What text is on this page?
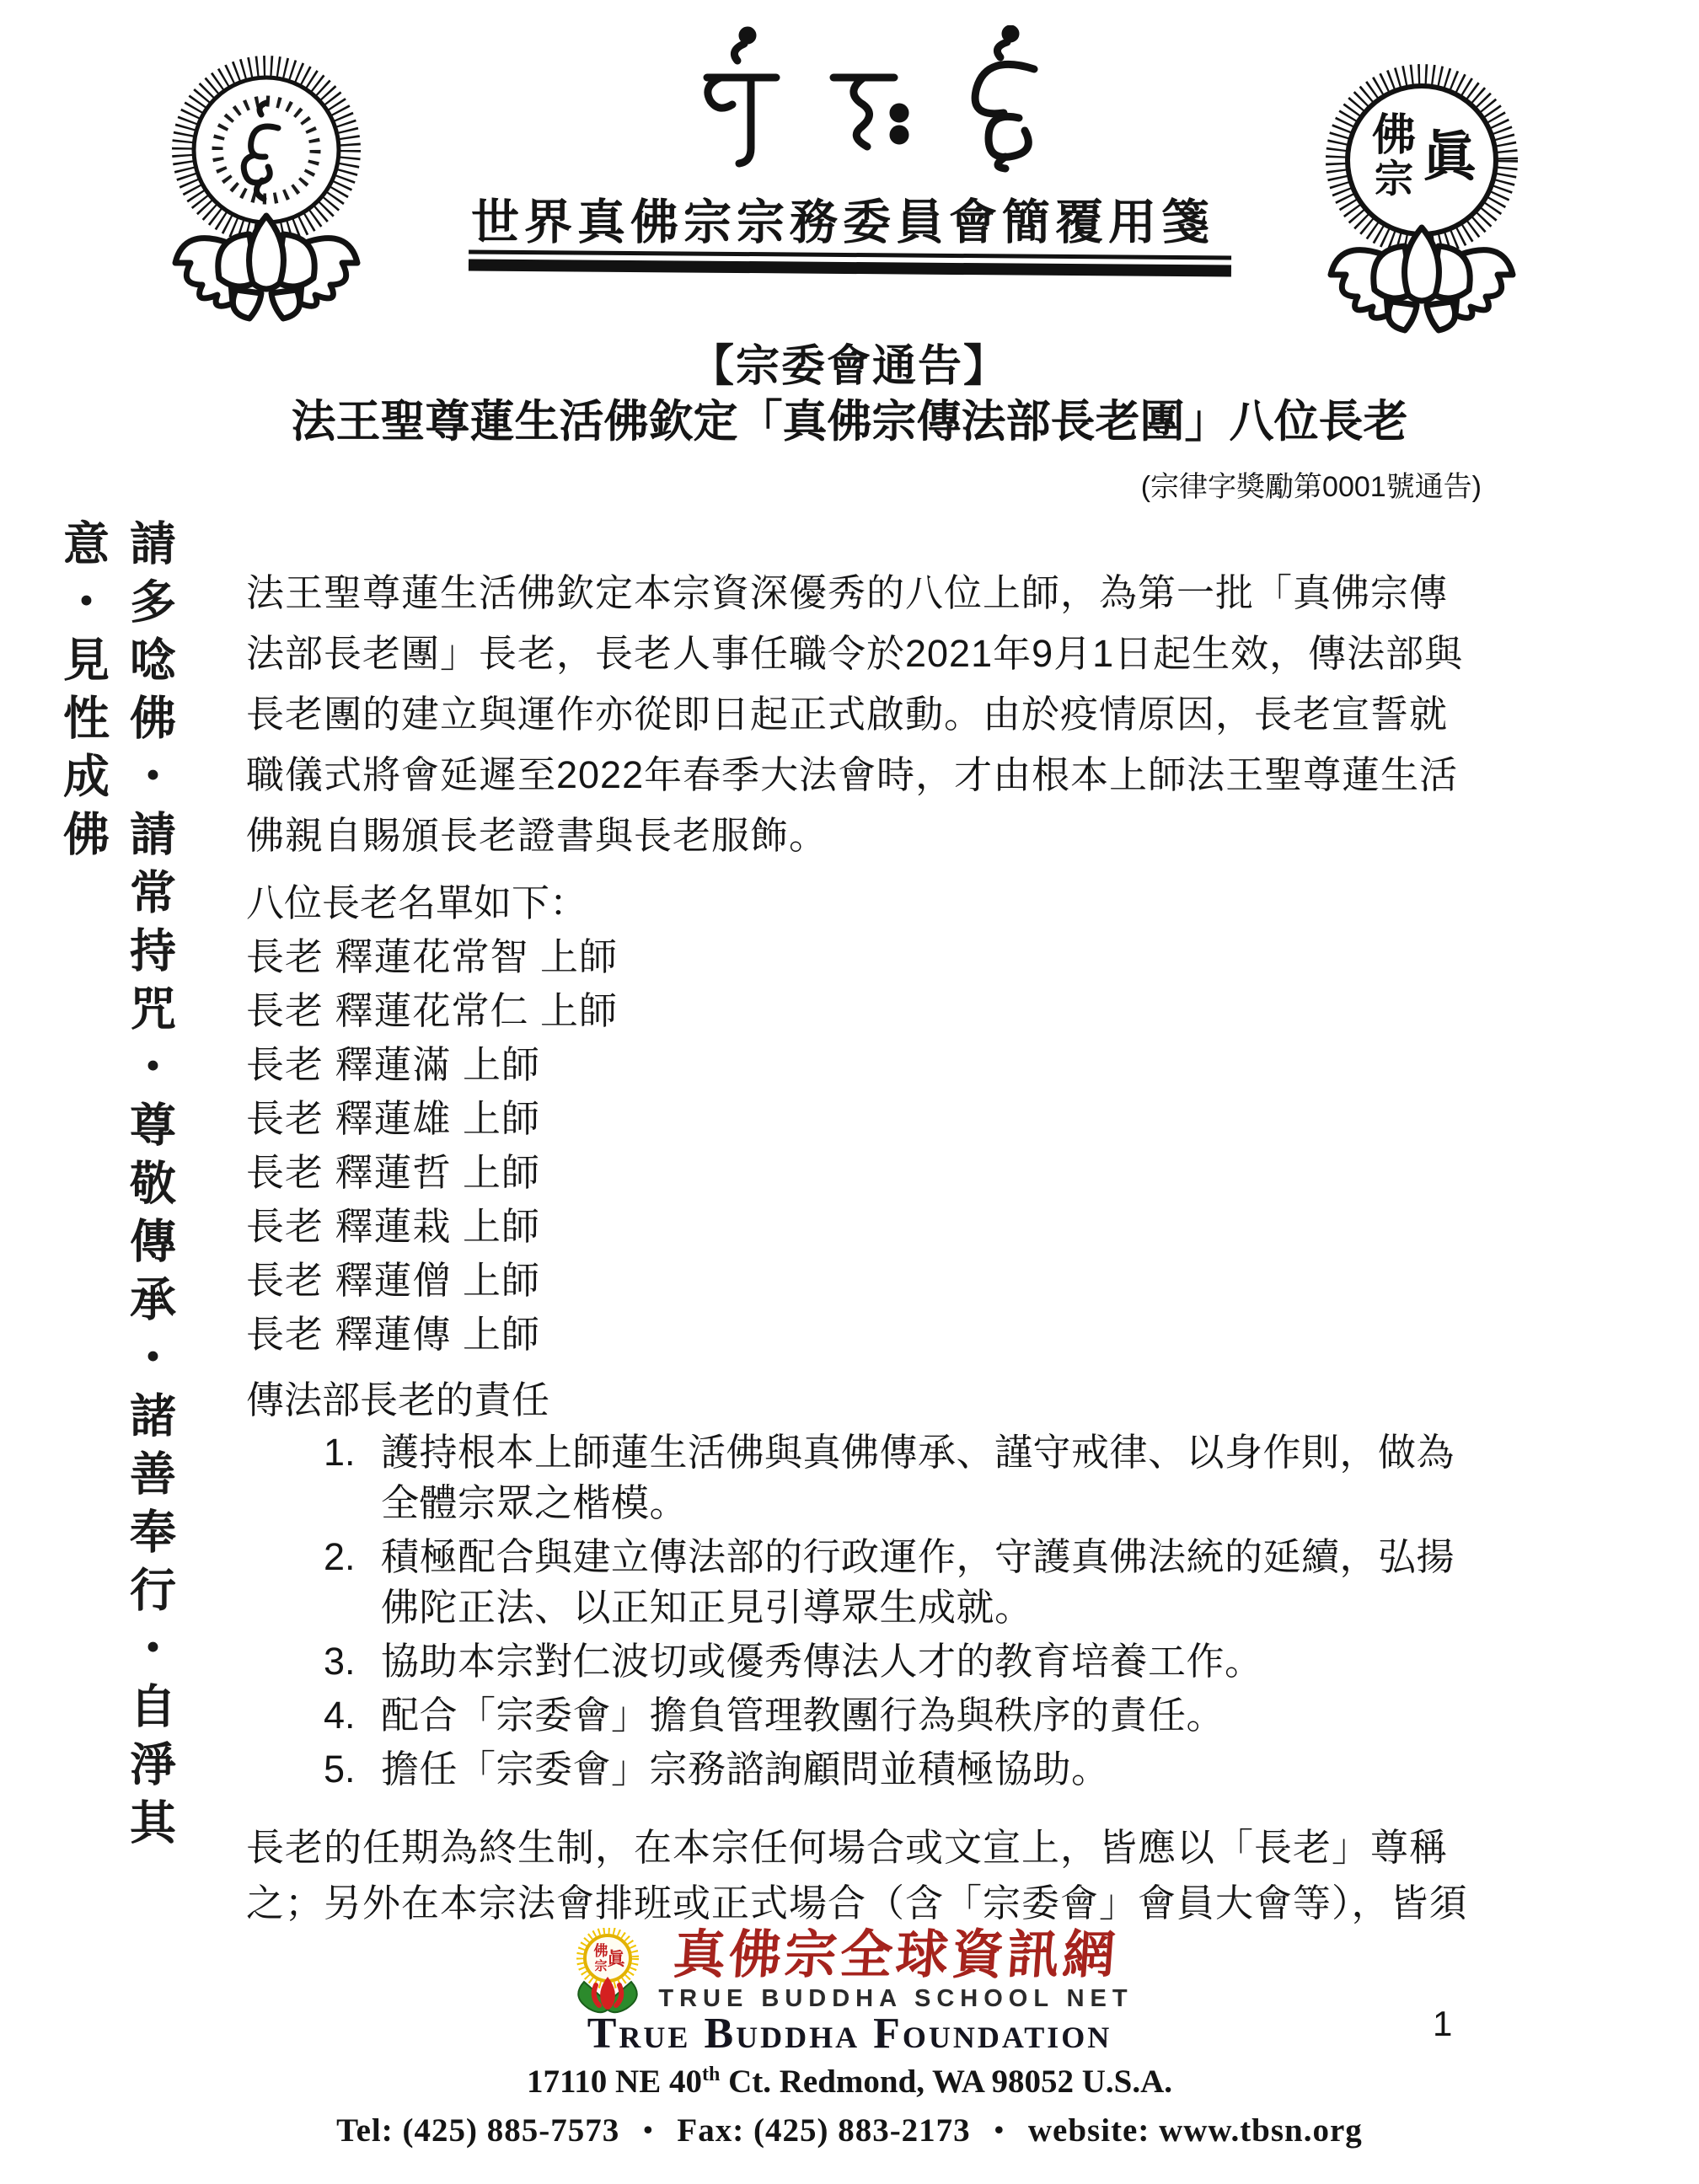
佛
宗 眞
世界真佛宗宗務委員會簡覆用箋
【宗委會通告】
法王聖尊蓮生活佛欽定「真佛宗傳法部長老團」八位長老
(宗律字獎勵第0001號通告)
請多唸佛・請常持咒・尊敬傳承・諸善奉行・自淨其意・見性成佛	法王聖尊蓮生活佛欽定本宗資深優秀的八位上師，為第一批「真佛宗傳法部長老團」長老，長老人事任職令於2021年9月1日起生效，傳法部與長老團的建立與運作亦從即日起正式啟動。由於疫情原因，長老宣誓就職儀式將會延遲至2022年春季大法會時，才由根本上師法王聖尊蓮生活佛親自賜頒長老證書與長老服飾。
八位長老名單如下：
長老 釋蓮花常智 上師
長老 釋蓮花常仁 上師
長老 釋蓮滿 上師
長老 釋蓮雄 上師
長老 釋蓮哲 上師
長老 釋蓮栽 上師
長老 釋蓮僧 上師
長老 釋蓮傳 上師
傳法部長老的責任
1. 護持根本上師蓮生活佛與真佛傳承、謹守戒律、以身作則，做為全體宗眾之楷模。
2. 積極配合與建立傳法部的行政運作，守護真佛法統的延續，弘揚佛陀正法、以正知正見引導眾生成就。
3. 協助本宗對仁波切或優秀傳法人才的教育培養工作。
4. 配合「宗委會」擔負管理教團行為與秩序的責任。
5. 擔任「宗委會」宗務諮詢顧問並積極協助。
長老的任期為終生制，在本宗任何場合或文宣上，皆應以「長老」尊稱之；另外在本宗法會排班或正式場合（含「宗委會」會員大會等），皆須
佛
宗 眞 真佛宗全球資訊網
TRUE BUDDHA SCHOOL NET
True Buddha Foundation
17110 NE 40th Ct. Redmond, WA 98052 U.S.A.
Tel: (425) 885-7573 • Fax: (425) 883-2173 • website: www.tbsn.org
1
